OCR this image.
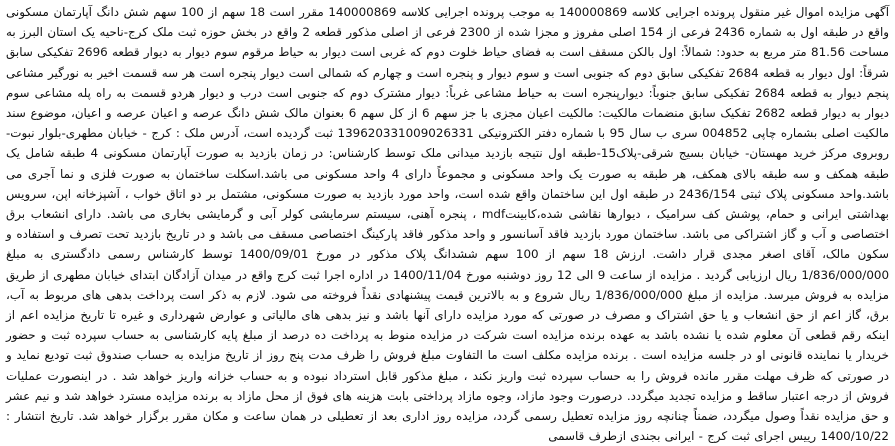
آگهی مزایده اموال غیر منقول پرونده اجرایی کلاسه 140000869 به موجب پرونده اجرایی کلاسه 140000869 مقرر است 18 سهم از 100 سهم شش دانگ آپارتمان مسکونی واقع در طبقه اول به شماره 2436 فرعی از 154 اصلی مفروز و مجزا شده از 2300 فرعی از اصلی مذکور قطعه 2 واقع در بخش حوزه ثبت ملک کرج-ناحیه یک استان البرز به مساحت 81.56 متر مربع به حدود: شمالاً: اول بالکن مسقف است به فضای حیاط خلوت دوم که غربی است دیوار به حیاط مرقوم سوم دیوار به دیوار قطعه 2696 تفکیکی سابق شرقاً: اول دیوار به قطعه 2684 تفکیکی سابق دوم که جنوبی است و سوم دیوار و پنجره است و چهارم که شمالی است دیوار پنجره است هر سه قسمت اخیر به نورگیر مشاعی پنجم دیوار به قطعه 2684 تفکیکی سابق جنوباً: دیوارپنجره است به حیاط مشاعی غرباً: دیوار مشترک دوم که جنوبی است درب و دیوار هردو قسمت به راه پله مشاعی سوم دیوار به دیوار قطعه 2682 تفکیک سابق منضمات مالکیت: مالکیت اعیان مجزی با جز سهم 6 از کل سهم 6 بعنوان مالک شش دانگ عرصه و اعیان عرصه و اعیان، موضوع سند مالکیت اصلی بشماره چاپی 004852 سری ب سال 95 با شماره دفتر الکترونیکی 139620331009026331 ثبت گردیده است، آدرس ملک : کرج - خیابان مطهری-بلوار نبوت-روبروی مرکز خرید مهستان- خیابان بسیج شرقی-پلاک15-طبقه اول نتیجه بازدید میدانی ملک توسط کارشناس: در زمان بازدید به صورت آپارتمان مسکونی 4 طبقه شامل یک طبقه همکف و سه طبقه بالای همکف، هر طبقه به صورت یک واحد مسکونی و مجموعاً دارای 4 واحد مسکونی می باشد.اسکلت ساختمان به صورت فلزی و نما آجری می باشد.واحد مسکونی پلاک ثبتی 2436/154 در طبقه اول این ساختمان واقع شده است، واحد مورد بازدید به صورت مسکونی، مشتمل بر دو اتاق خواب ، آشپزخانه اپن، سرویس بهداشتی ایرانی و حمام، پوشش کف سرامیک ، دیوارها نقاشی شده،کابینتmdf ، پنجره آهنی، سیستم سرمایشی کولر آبی و گرمایشی بخاری می باشد. دارای انشعاب برق اختصاصی و آب و گاز اشتراکی می باشد. ساختمان مورد بازدید فاقد آسانسور و واحد مذکور فاقد پارکینگ اختصاصی مسقف می باشد و در تاریخ بازدید تحت تصرف و استفاده و سکون مالک، آقای اصغر مجدی قرار داشت. ارزش 18 سهم از 100 سهم ششدانگ پلاک مذکور در مورخ 1400/09/01 توسط کارشناس رسمی دادگستری به مبلغ 1/836/000/000 ریال ارزیابی گردید . مزایده از ساعت 9 الی 12 روز دوشنبه مورخ 1400/11/04 در اداره اجرا ثبت کرج واقع در میدان آزادگان ابتدای خیابان مطهری از طریق مزایده به فروش میرسد. مزایده از مبلغ 1/836/000/000 ریال شروع و به بالاترین قیمت پیشنهادی نقداً فروخته می شود. لازم به ذکر است پرداخت بدهی های مربوط به آب، برق، گاز اعم از حق انشعاب و یا حق اشتراک و مصرف در صورتی که مورد مزایده دارای آنها باشد و نیز بدهی های مالیاتی و عوارض شهرداری و غیره تا تاریخ مزایده اعم از اینکه رقم قطعی آن معلوم شده یا نشده باشد به عهده برنده مزایده است شرکت در مزایده منوط به پرداخت ده درصد از مبلغ پایه کارشناسی به حساب سپرده ثبت و حضور خریدار یا نماینده قانونی او در جلسه مزایده است . برنده مزایده مکلف است ما التفاوت مبلغ فروش را ظرف مدت پنج روز از تاریخ مزایده به حساب صندوق ثبت تودیع نماید و در صورتی که ظرف مهلت مقرر مانده فروش را به حساب سپرده ثبت واریز نکند ، مبلغ مذکور قابل استرداد نبوده و به حساب خزانه واریز خواهد شد . در اینصورت عملیات فروش از درجه اعتبار ساقط و مزایده تجدید میگردد. درصورت وجود مازاد، وجوه مازاد پرداختی بابت هزینه های فوق از محل مازاد به برنده مزایده مسترد خواهد شد و نیم عشر و حق مزایده نقداً وصول میگردد، ضمناً چنانچه روز مزایده تعطیل رسمی گردد، مزایده روز اداری بعد از تعطیلی در همان ساعت و مکان مقرر برگزار خواهد شد. تاریخ انتشار : 1400/10/22 رییس اجرای ثبت کرج - ایرانی بجندی ازطرف قاسمی
